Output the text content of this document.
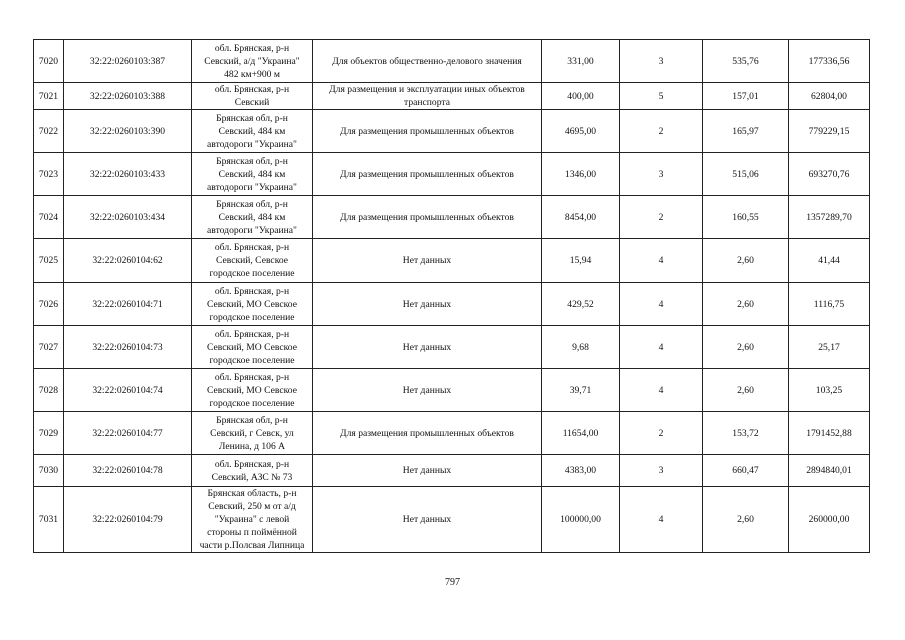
7020	32:22:0260103:387	обл. Брянская, р-н
Севский, а/д "Украина"
482 км+900 м	Для объектов общественно-делового значения	331,00	3	535,76	177336,56
7021	32:22:0260103:388	обл. Брянская, р-н
Севский	Для размещения и эксплуатации иных объектов
транспорта	400,00	5	157,01	62804,00
7022	32:22:0260103:390	Брянская обл, р-н
Севский, 484 км
автодороги "Украина"	Для размещения промышленных объектов	4695,00	2	165,97	779229,15
7023	32:22:0260103:433	Брянская обл, р-н
Севский, 484 км
автодороги "Украина"	Для размещения промышленных объектов	1346,00	3	515,06	693270,76
7024	32:22:0260103:434	Брянская обл, р-н
Севский, 484 км
автодороги "Украина"	Для размещения промышленных объектов	8454,00	2	160,55	1357289,70
7025	32:22:0260104:62	обл. Брянская, р-н
Севский, Севское
городское поселение	Нет данных	15,94	4	2,60	41,44
7026	32:22:0260104:71	обл. Брянская, р-н
Севский, МО Севское
городское поселение	Нет данных	429,52	4	2,60	1116,75
7027	32:22:0260104:73	обл. Брянская, р-н
Севский, МО Севское
городское поселение	Нет данных	9,68	4	2,60	25,17
7028	32:22:0260104:74	обл. Брянская, р-н
Севский, МО Севское
городское поселение	Нет данных	39,71	4	2,60	103,25
7029	32:22:0260104:77	Брянская обл, р-н
Севский, г Севск, ул
Ленина, д 106 А	Для размещения промышленных объектов	11654,00	2	153,72	1791452,88
7030	32:22:0260104:78	обл. Брянская, р-н
Севский, АЗС № 73	Нет данных	4383,00	3	660,47	2894840,01
7031	32:22:0260104:79	Брянская область, р-н
Севский, 250 м от а/д
"Украина" с левой
стороны п поймённой
части р.Полсвая Липница	Нет данных	100000,00	4	2,60	260000,00
797
